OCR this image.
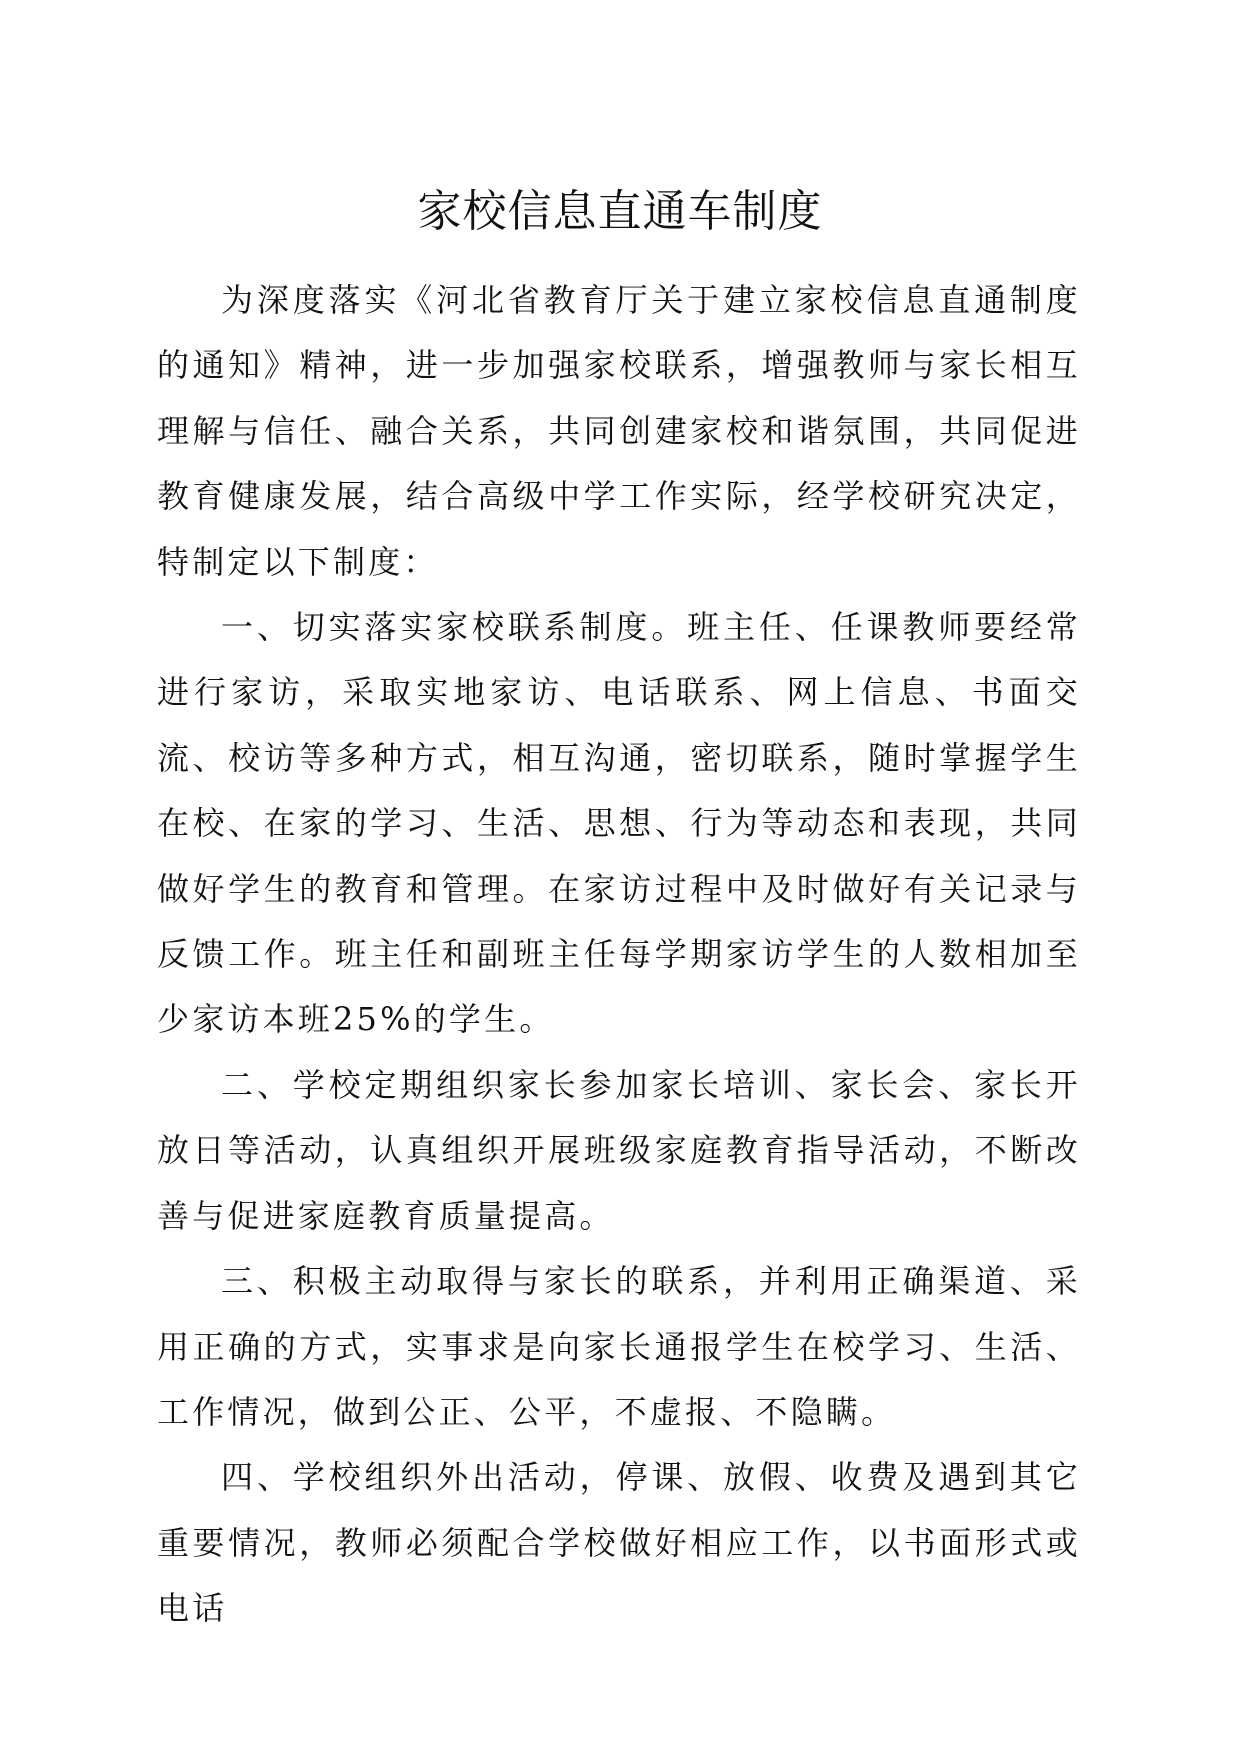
家校信息直通车制度

为深度落实《河北省教育厅关于建立家校信息直通制度的通知》精神，进一步加强家校联系，增强教师与家长相互理解与信任、融合关系，共同创建家校和谐氛围，共同促进教育健康发展，结合高级中学工作实际，经学校研究决定，特制定以下制度：

一、切实落实家校联系制度。班主任、任课教师要经常进行家访，采取实地家访、电话联系、网上信息、书面交流、校访等多种方式，相互沟通，密切联系，随时掌握学生在校、在家的学习、生活、思想、行为等动态和表现，共同做好学生的教育和管理。在家访过程中及时做好有关记录与反馈工作。班主任和副班主任每学期家访学生的人数相加至少家访本班25%的学生。

二、学校定期组织家长参加家长培训、家长会、家长开放日等活动，认真组织开展班级家庭教育指导活动，不断改善与促进家庭教育质量提高。

三、积极主动取得与家长的联系，并利用正确渠道、采用正确的方式，实事求是向家长通报学生在校学习、生活、工作情况，做到公正、公平，不虚报、不隐瞒。

四、学校组织外出活动，停课、放假、收费及遇到其它重要情况，教师必须配合学校做好相应工作，以书面形式或电话
